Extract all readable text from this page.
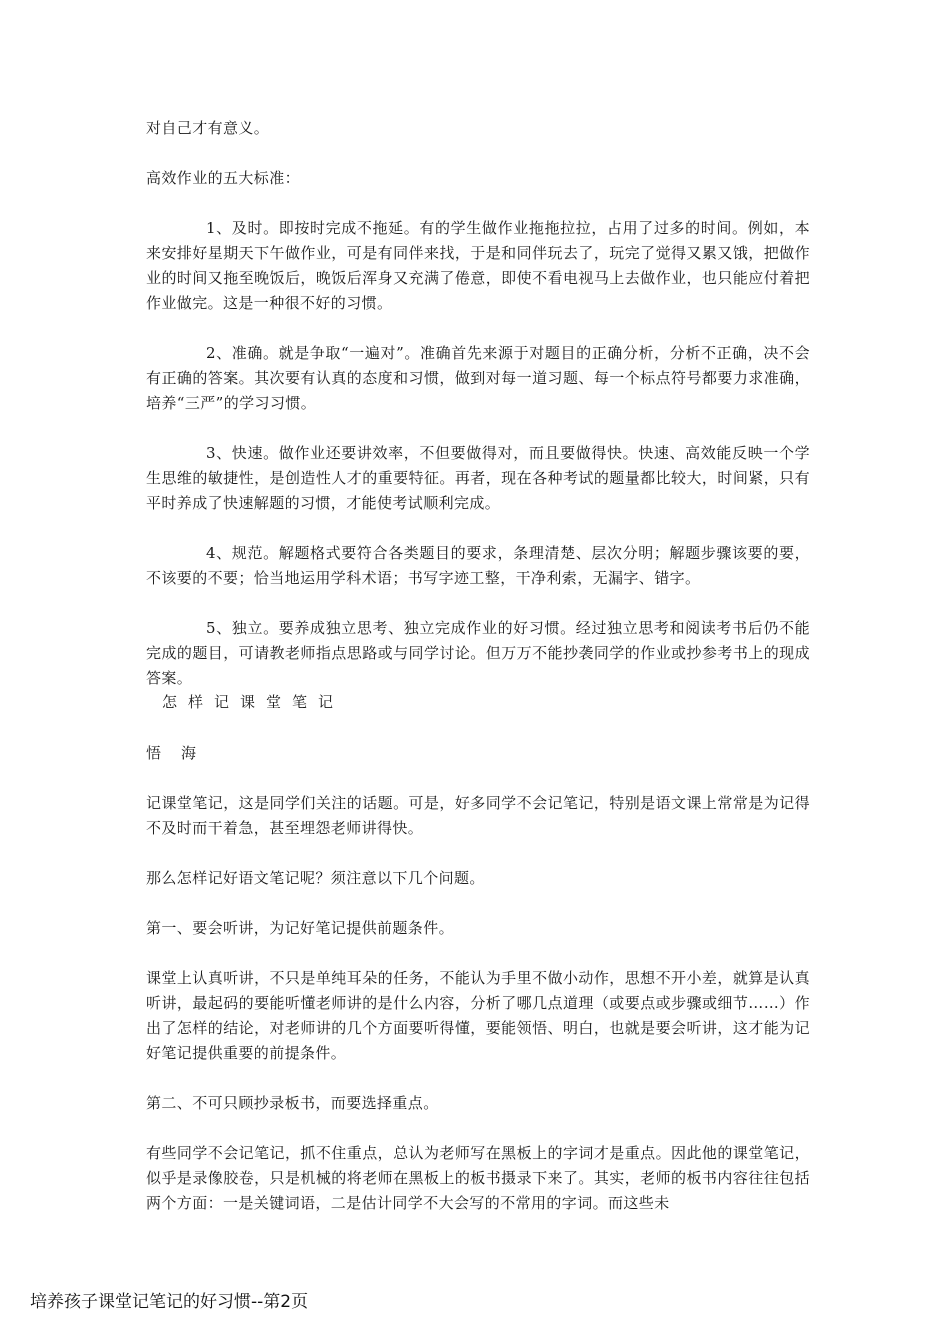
对自己才有意义。

高效作业的五大标准：

1、及时。即按时完成不拖延。有的学生做作业拖拖拉拉，占用了过多的时间。例如，本来安排好星期天下午做作业，可是有同伴来找，于是和同伴玩去了，玩完了觉得又累又饿，把做作业的时间又拖至晚饭后，晚饭后浑身又充满了倦意，即使不看电视马上去做作业，也只能应付着把作业做完。这是一种很不好的习惯。

2、准确。就是争取“一遍对”。准确首先来源于对题目的正确分析，分析不正确，决不会有正确的答案。其次要有认真的态度和习惯，做到对每一道习题、每一个标点符号都要力求准确，培养“三严”的学习习惯。

3、快速。做作业还要讲效率，不但要做得对，而且要做得快。快速、高效能反映一个学生思维的敏捷性，是创造性人才的重要特征。再者，现在各种考试的题量都比较大，时间紧，只有平时养成了快速解题的习惯，才能使考试顺利完成。

4、规范。解题格式要符合各类题目的要求，条理清楚、层次分明；解题步骤该要的要，不该要的不要；恰当地运用学科术语；书写字迹工整，干净利索，无漏字、错字。

5、独立。要养成独立思考、独立完成作业的好习惯。经过独立思考和阅读考书后仍不能完成的题目，可请教老师指点思路或与同学讨论。但万万不能抄袭同学的作业或抄参考书上的现成答案。

怎样记课堂笔记

悟海

记课堂笔记，这是同学们关注的话题。可是，好多同学不会记笔记，特别是语文课上常常是为记得不及时而干着急，甚至埋怨老师讲得快。

那么怎样记好语文笔记呢？须注意以下几个问题。

第一、要会听讲，为记好笔记提供前题条件。

课堂上认真听讲，不只是单纯耳朵的任务，不能认为手里不做小动作，思想不开小差，就算是认真听讲，最起码的要能听懂老师讲的是什么内容，分析了哪几点道理（或要点或步骤或细节……）作出了怎样的结论，对老师讲的几个方面要听得懂，要能领悟、明白，也就是要会听讲，这才能为记好笔记提供重要的前提条件。

第二、不可只顾抄录板书，而要选择重点。

有些同学不会记笔记，抓不住重点，总认为老师写在黑板上的字词才是重点。因此他的课堂笔记，似乎是录像胶卷，只是机械的将老师在黑板上的板书摄录下来了。其实，老师的板书内容往往包括两个方面：一是关键词语，二是估计同学不大会写的不常用的字词。而这些未

培养孩子课堂记笔记的好习惯--第2页
